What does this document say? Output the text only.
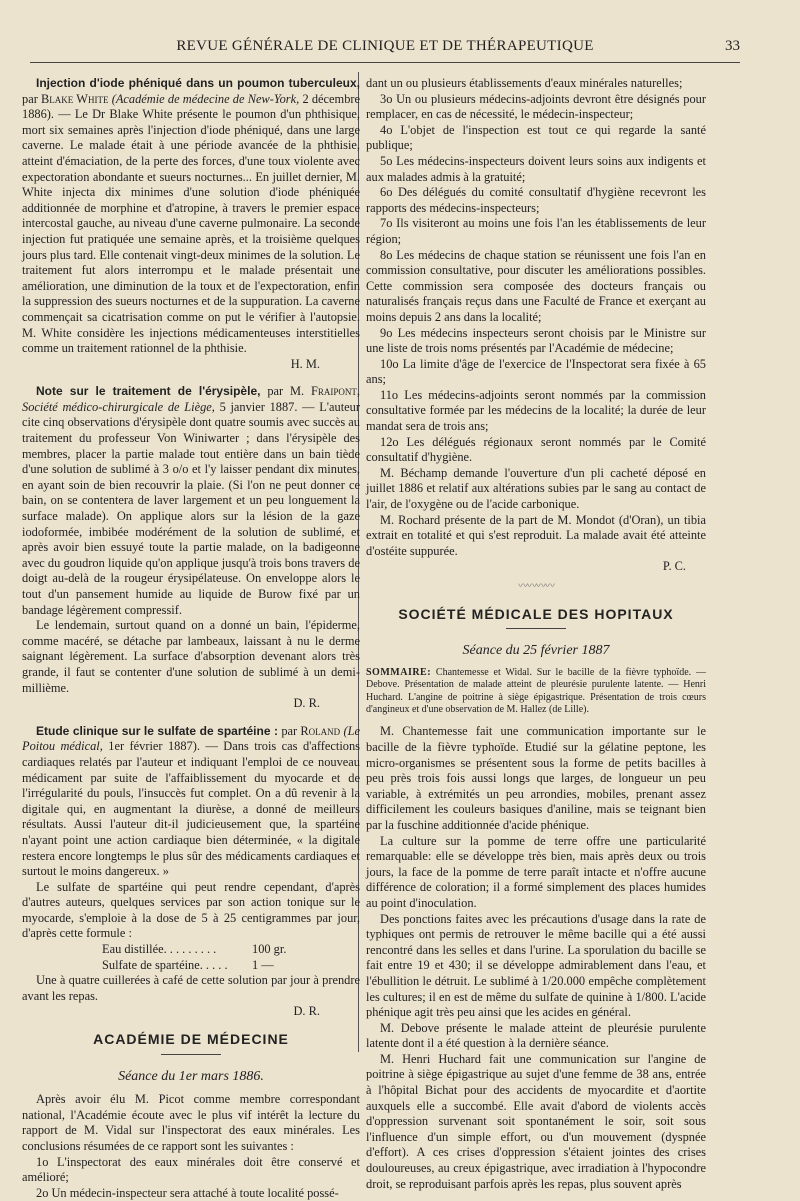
REVUE GÉNÉRALE DE CLINIQUE ET DE THÉRAPEUTIQUE	33

Injection d'iode phéniqué dans un poumon tuberculeux, par Blake White (Académie de médecine de New-York, 2 décembre 1886). — Le Dr Blake White présente le poumon d'un phthisique, mort six semaines après l'injection d'iode phéniqué, dans une large caverne. Le malade était à une période avancée de la phthisie, atteint d'émaciation, de la perte des forces, d'une toux violente avec expectoration abondante et sueurs nocturnes... En juillet dernier, M. White injecta dix minimes d'une solution d'iode phéniquée additionnée de morphine et d'atropine, à travers le premier espace intercostal gauche, au niveau d'une caverne pulmonaire. La seconde injection fut pratiquée une semaine après, et la troisième quelques jours plus tard. Elle contenait vingt-deux minimes de la solution. Le traitement fut alors interrompu et le malade présentait une amélioration, une diminution de la toux et de l'expectoration, enfin la suppression des sueurs nocturnes et de la suppuration. La caverne commençait sa cicatrisation comme on put le vérifier à l'autopsie. M. White considère les injections médicamenteuses interstitielles comme un traitement rationnel de la phthisie.

H. M.

Note sur le traitement de l'érysipèle, par M. Fraipont, Société médico-chirurgicale de Liège, 5 janvier 1887. — L'auteur cite cinq observations d'érysipèle dont quatre soumis avec succès au traitement du professeur Von Winiwarter ; dans l'érysipèle des membres, placer la partie malade tout entière dans un bain tiède d'une solution de sublimé à 3 o/o et l'y laisser pendant dix minutes, en ayant soin de bien recouvrir la plaie. (Si l'on ne peut donner ce bain, on se contentera de laver largement et un peu longuement la surface malade). On applique alors sur la lésion de la gaze iodoformée, imbibée modérément de la solution de sublimé, et après avoir bien essuyé toute la partie malade, on la badigeonne avec du goudron liquide qu'on applique jusqu'à trois bons travers de doigt au-delà de la rougeur érysipélateuse. On enveloppe alors le tout d'un pansement humide au liquide de Burow fixé par un bandage légèrement compressif.

Le lendemain, surtout quand on a donné un bain, l'épiderme, comme macéré, se détache par lambeaux, laissant à nu le derme saignant légèrement. La surface d'absorption devenant alors très grande, il faut se contenter d'une solution de sublimé à un demi-millième.

D. R.

Etude clinique sur le sulfate de spartéine : par Roland (Le Poitou médical, 1er février 1887). — Dans trois cas d'affections cardiaques relatés par l'auteur et indiquant l'emploi de ce nouveau médicament par suite de l'affaiblissement du myocarde et de l'irrégularité du pouls, l'insuccès fut complet. On a dû revenir à la digitale qui, en augmentant la diurèse, a donné de meilleurs résultats. Aussi l'auteur dit-il judicieusement que, la spartéine n'ayant point une action cardiaque bien déterminée, « la digitale restera encore longtemps le plus sûr des médicaments cardiaques et surtout le moins dangereux. »

Le sulfate de spartéine qui peut rendre cependant, d'après d'autres auteurs, quelques services par son action tonique sur le myocarde, s'emploie à la dose de 5 à 25 centigrammes par jour, d'après cette formule :

Eau distillée. . . . . . . . .	100 gr.
Sulfate de spartéine. . . . .	1 —

Une à quatre cuillerées à café de cette solution par jour à prendre avant les repas.

D. R.
ACADÉMIE DE MÉDECINE
Séance du 1er mars 1886.

Après avoir élu M. Picot comme membre correspondant national, l'Académie écoute avec le plus vif intérêt la lecture du rapport de M. Vidal sur l'inspectorat des eaux minérales. Les conclusions résumées de ce rapport sont les suivantes :

1o L'inspectorat des eaux minérales doit être conservé et amélioré;

2o Un médecin-inspecteur sera attaché à toute localité possé-

dant un ou plusieurs établissements d'eaux minérales naturelles;

3o Un ou plusieurs médecins-adjoints devront être désignés pour remplacer, en cas de nécessité, le médecin-inspecteur;

4o L'objet de l'inspection est tout ce qui regarde la santé publique;

5o Les médecins-inspecteurs doivent leurs soins aux indigents et aux malades admis à la gratuité;

6o Des délégués du comité consultatif d'hygiène recevront les rapports des médecins-inspecteurs;

7o Ils visiteront au moins une fois l'an les établissements de leur région;

8o Les médecins de chaque station se réunissent une fois l'an en commission consultative, pour discuter les améliorations possibles. Cette commission sera composée des docteurs français ou naturalisés français reçus dans une Faculté de France et exerçant au moins depuis 2 ans dans la localité;

9o Les médecins inspecteurs seront choisis par le Ministre sur une liste de trois noms présentés par l'Académie de médecine;

10o La limite d'âge de l'exercice de l'Inspectorat sera fixée à 65 ans;

11o Les médecins-adjoints seront nommés par la commission consultative formée par les médecins de la localité; la durée de leur mandat sera de trois ans;

12o Les délégués régionaux seront nommés par le Comité consultatif d'hygiène.

M. Béchamp demande l'ouverture d'un pli cacheté déposé en juillet 1886 et relatif aux altérations subies par le sang au contact de l'air, de l'oxygène ou de l'acide carbonique.

M. Rochard présente de la part de M. Mondot (d'Oran), un tibia extrait en totalité et qui s'est reproduit. La malade avait été atteinte d'ostéite suppurée.

P. C.
〰〰〰〰
SOCIÉTÉ MÉDICALE DES HOPITAUX
Séance du 25 février 1887

SOMMAIRE: Chantemesse et Widal. Sur le bacille de la fièvre typhoïde. — Debove. Présentation de malade atteint de pleurésie purulente latente. — Henri Huchard. L'angine de poitrine à siège épigastrique. Présentation de trois cœurs d'angineux et d'une observation de M. Hallez (de Lille).

M. Chantemesse fait une communication importante sur le bacille de la fièvre typhoïde. Etudié sur la gélatine peptone, les micro-organismes se présentent sous la forme de petits bacilles à peu près trois fois aussi longs que larges, de longueur un peu variable, à extrémités un peu arrondies, mobiles, prenant assez difficilement les couleurs basiques d'aniline, mais se teignant bien par la fuschine additionnée d'acide phénique.

La culture sur la pomme de terre offre une particularité remarquable: elle se développe très bien, mais après deux ou trois jours, la face de la pomme de terre paraît intacte et n'offre aucune différence de coloration; il a formé simplement des places humides au point d'inoculation.

Des ponctions faites avec les précautions d'usage dans la rate de typhiques ont permis de retrouver le même bacille qui a été aussi rencontré dans les selles et dans l'urine. La sporulation du bacille se fait entre 19 et 430; il se développe admirablement dans l'eau, et l'ébullition le détruit. Le sublimé à 1/20.000 empêche complètement les cultures; il en est de même du sulfate de quinine à 1/800. L'acide phénique agit très peu ainsi que les acides en général.

M. Debove présente le malade atteint de pleurésie purulente latente dont il a été question à la dernière séance.

M. Henri Huchard fait une communication sur l'angine de poitrine à siège épigastrique au sujet d'une femme de 38 ans, entrée à l'hôpital Bichat pour des accidents de myocardite et d'aortite auxquels elle a succombé. Elle avait d'abord de violents accès d'oppression survenant soit spontanément le soir, soit sous l'influence d'un simple effort, ou d'un mouvement (dyspnée d'effort). A ces crises d'oppression s'étaient jointes des crises douloureuses, au creux épigastrique, avec irradiation à l'hypocondre droit, se reproduisant parfois après les repas, plus souvent après
